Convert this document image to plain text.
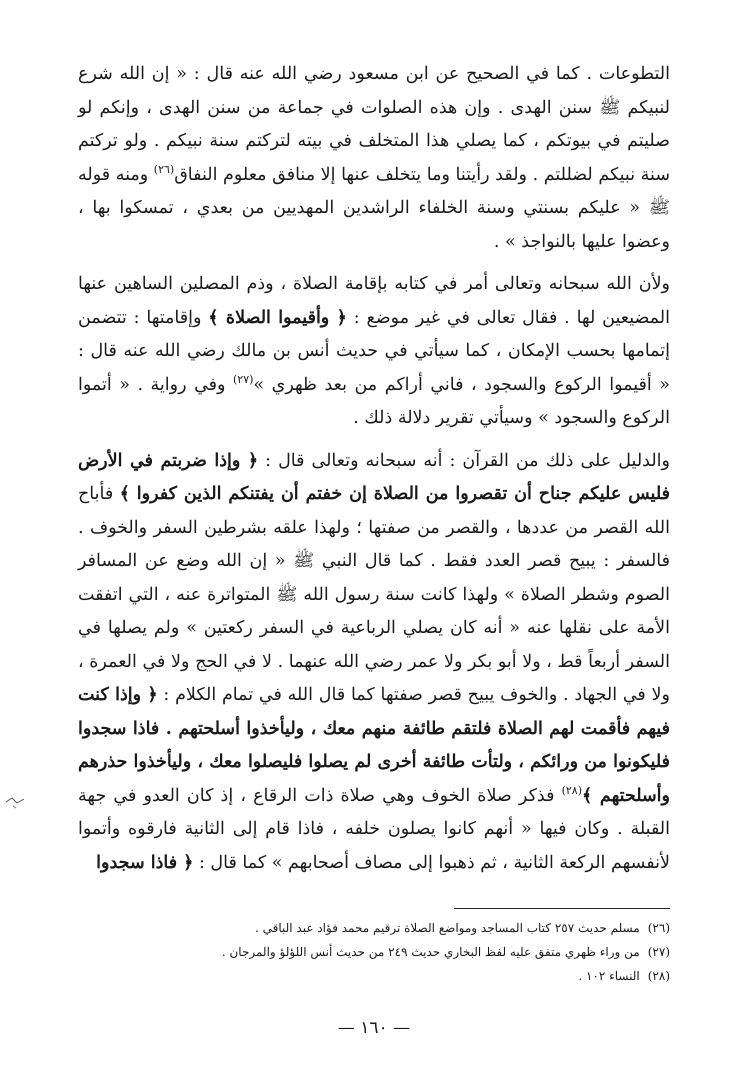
التطوعات . كما في الصحيح عن ابن مسعود رضي الله عنه قال : « إن الله شرع لنبيكم ﷺ سنن الهدى . وإن هذه الصلوات في جماعة من سنن الهدى ، وإنكم لو صليتم في بيوتكم ، كما يصلي هذا المتخلف في بيته لتركتم سنة نبيكم . ولو تركتم سنة نبيكم لضللتم . ولقد رأيتنا وما يتخلف عنها إلا منافق معلوم النفاق$^{(٢٦)}$ ومنه قوله ﷺ « عليكم بسنتي وسنة الخلفاء الراشدين المهديين من بعدي ، تمسكوا بها ، وعضوا عليها بالنواجذ » .

ولأن الله سبحانه وتعالى أمر في كتابه بإقامة الصلاة ، وذم المصلين الساهين عنها المضيعين لها . فقال تعالى في غير موضع : ﴿ وأقيموا الصلاة ﴾ وإقامتها : تتضمن إتمامها بحسب الإمكان ، كما سيأتي في حديث أنس بن مالك رضي الله عنه قال : « أقيموا الركوع والسجود ، فاني أراكم من بعد ظهري »$^{(٢٧)}$ وفي رواية . « أتموا الركوع والسجود » وسيأتي تقرير دلالة ذلك .

والدليل على ذلك من القرآن : أنه سبحانه وتعالى قال : ﴿ وإذا ضربتم في الأرض فليس عليكم جناح أن تقصروا من الصلاة إن خفتم أن يفتنكم الذين كفروا ﴾ فأباح الله القصر من عددها ، والقصر من صفتها ؛ ولهذا علقه بشرطين السفر والخوف . فالسفر : يبيح قصر العدد فقط . كما قال النبي ﷺ « إن الله وضع عن المسافر الصوم وشطر الصلاة » ولهذا كانت سنة رسول الله ﷺ المتواترة عنه ، التي اتفقت الأمة على نقلها عنه « أنه كان يصلي الرباعية في السفر ركعتين » ولم يصلها في السفر أربعاً قط ، ولا أبو بكر ولا عمر رضي الله عنهما . لا في الحج ولا في العمرة ، ولا في الجهاد . والخوف يبيح قصر صفتها كما قال الله في تمام الكلام : ﴿ وإذا كنت فيهم فأقمت لهم الصلاة فلتقم طائفة منهم معك ، وليأخذوا أسلحتهم . فاذا سجدوا فليكونوا من ورائكم ، ولتأت طائفة أخرى لم يصلوا فليصلوا معك ، وليأخذوا حذرهم وأسلحتهم ﴾$^{(٢٨)}$ فذكر صلاة الخوف وهي صلاة ذات الرقاع ، إذ كان العدو في جهة القبلة . وكان فيها « أنهم كانوا يصلون خلفه ، فاذا قام إلى الثانية فارقوه وأتموا لأنفسهم الركعة الثانية ، ثم ذهبوا إلى مصاف أصحابهم » كما قال : ﴿ فاذا سجدوا

(٢٦)مسلم حديث ٢٥٧ كتاب المساجد ومواضع الصلاة ترقيم محمد فؤاد عبد الباقي .
(٢٧)من وراء ظهري متفق عليه لفظ البخاري حديث ٢٤٩ من حديث أنس اللؤلؤ والمرجان .
(٢٨)النساء ١٠٢ .
— ١٦٠ —
